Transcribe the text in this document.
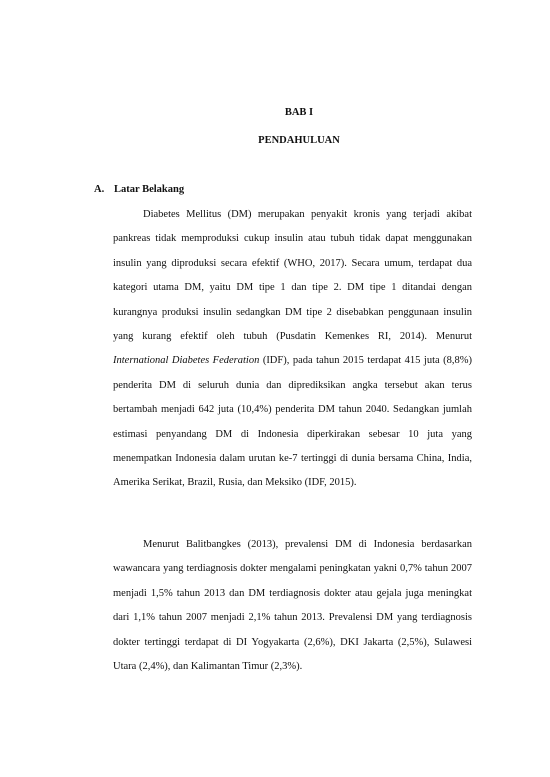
BAB I

PENDAHULUAN

A. Latar Belakang

Diabetes Mellitus (DM) merupakan penyakit kronis yang terjadi akibat pankreas tidak memproduksi cukup insulin atau tubuh tidak dapat menggunakan insulin yang diproduksi secara efektif (WHO, 2017). Secara umum, terdapat dua kategori utama DM, yaitu DM tipe 1 dan tipe 2. DM tipe 1 ditandai dengan kurangnya produksi insulin sedangkan DM tipe 2 disebabkan penggunaan insulin yang kurang efektif oleh tubuh (Pusdatin Kemenkes RI, 2014). Menurut International Diabetes Federation (IDF), pada tahun 2015 terdapat 415 juta (8,8%) penderita DM di seluruh dunia dan diprediksikan angka tersebut akan terus bertambah menjadi 642 juta (10,4%) penderita DM tahun 2040. Sedangkan jumlah estimasi penyandang DM di Indonesia diperkirakan sebesar 10 juta yang menempatkan Indonesia dalam urutan ke-7 tertinggi di dunia bersama China, India, Amerika Serikat, Brazil, Rusia, dan Meksiko (IDF, 2015).

Menurut Balitbangkes (2013), prevalensi DM di Indonesia berdasarkan wawancara yang terdiagnosis dokter mengalami peningkatan yakni 0,7% tahun 2007 menjadi 1,5% tahun 2013 dan DM terdiagnosis dokter atau gejala juga meningkat dari 1,1% tahun 2007 menjadi 2,1% tahun 2013. Prevalensi DM yang terdiagnosis dokter tertinggi terdapat di DI Yogyakarta (2,6%), DKI Jakarta (2,5%), Sulawesi Utara (2,4%), dan Kalimantan Timur (2,3%).
